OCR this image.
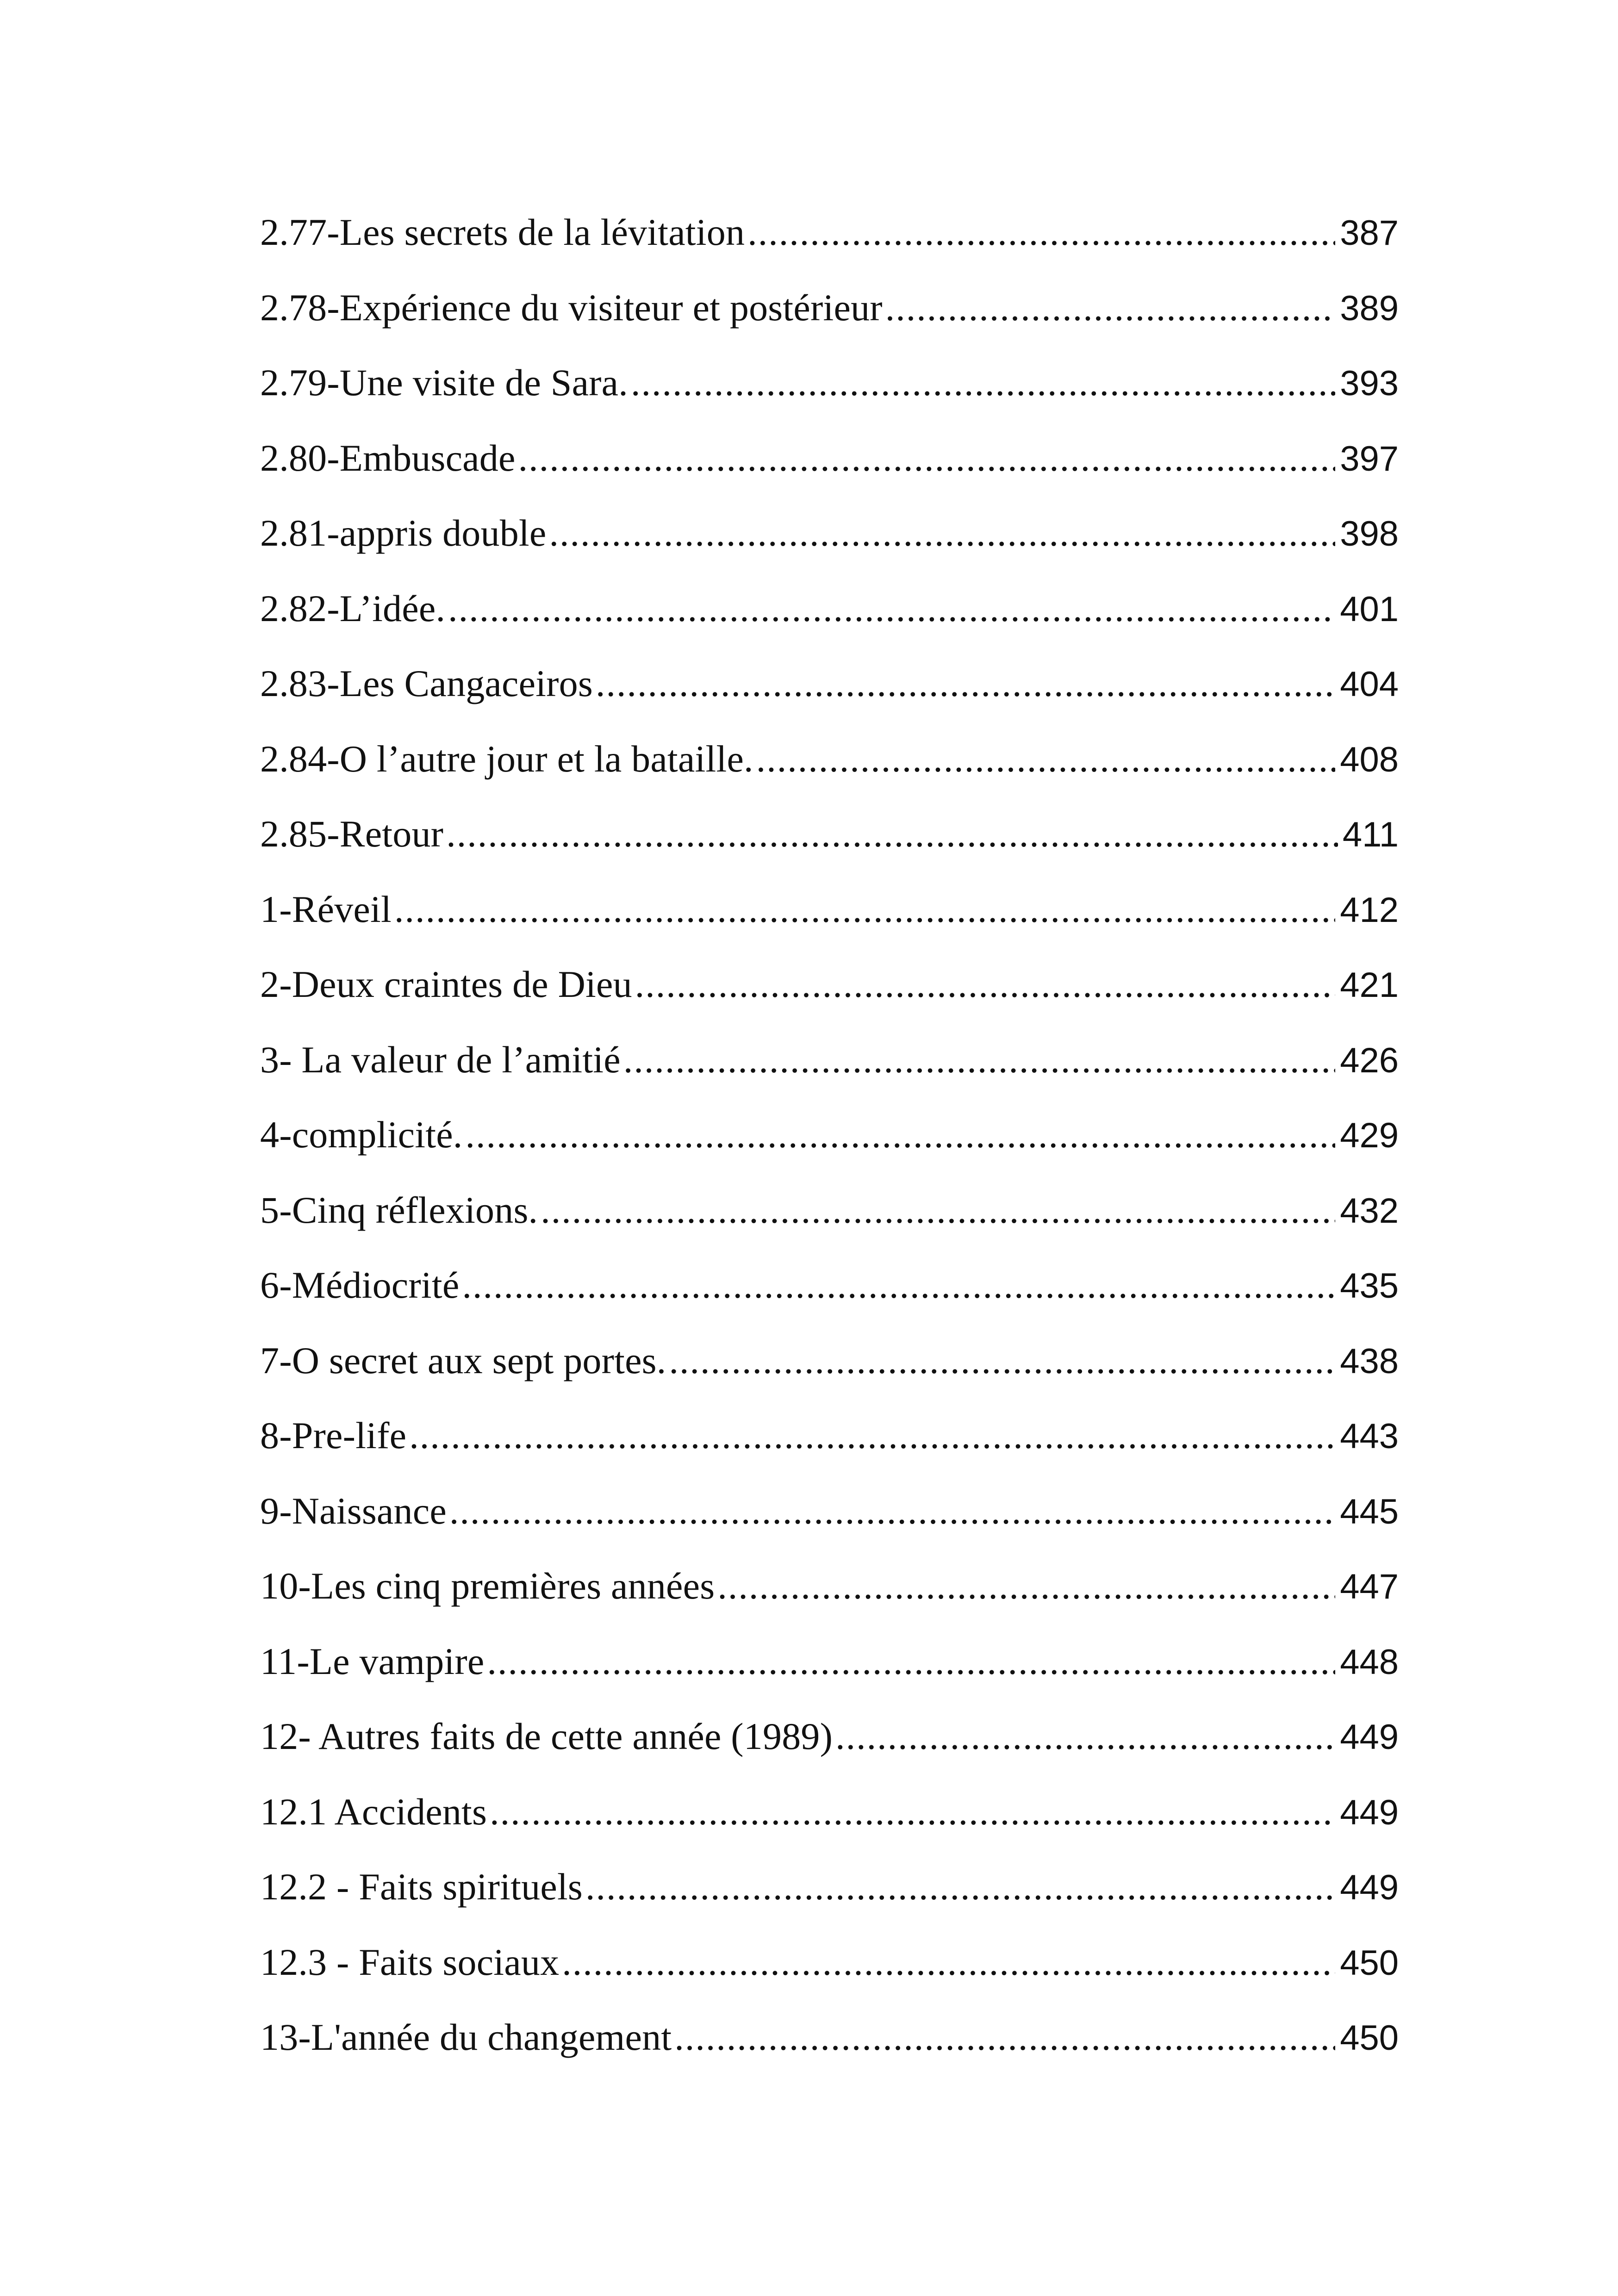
2.77-Les secrets de la lévitation .....	387
2.78-Expérience du visiteur et postérieur .....	389
2.79-Une visite de Sara. .....	393
2.80-Embuscade .....	397
2.81-appris double .....	398
2.82-L’idée. .....	401
2.83-Les Cangaceiros .....	404
2.84-O l’autre jour et la bataille. .....	408
2.85-Retour .....	411
1-Réveil .....	412
2-Deux craintes de Dieu .....	421
3- La valeur de l’amitié .....	426
4-complicité. .....	429
5-Cinq réflexions. .....	432
6-Médiocrité .....	435
7-O secret aux sept portes. .....	438
8-Pre-life .....	443
9-Naissance .....	445
10-Les cinq premières années .....	447
11-Le vampire .....	448
12- Autres faits de cette année (1989) .....	449
12.1 Accidents .....	449
12.2 - Faits spirituels .....	449
12.3 - Faits sociaux .....	450
13-L'année du changement .....	450
